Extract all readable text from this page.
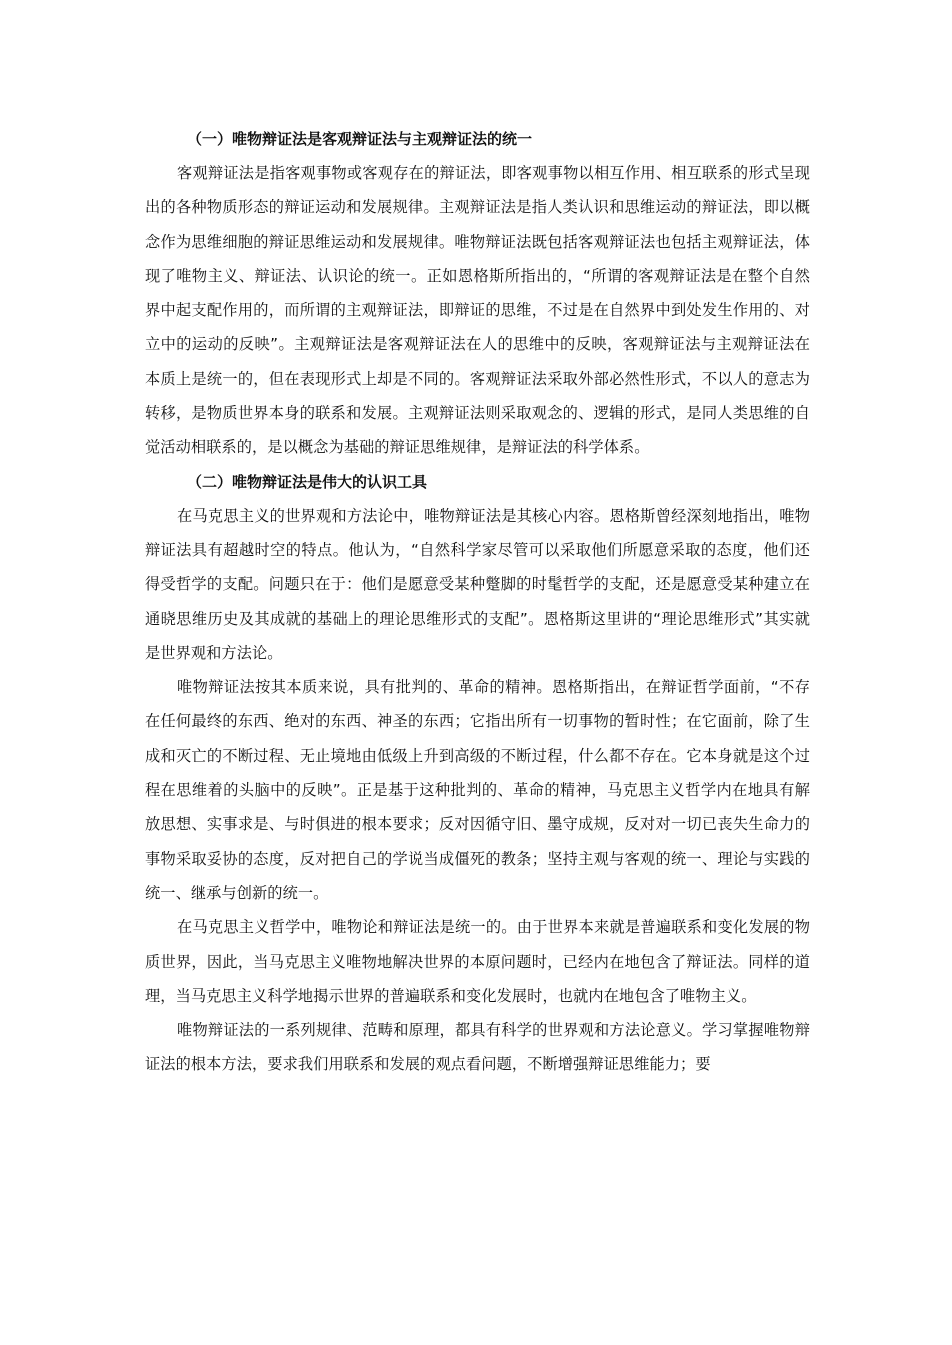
（一）唯物辩证法是客观辩证法与主观辩证法的统一

客观辩证法是指客观事物或客观存在的辩证法，即客观事物以相互作用、相互联系的形式呈现出的各种物质形态的辩证运动和发展规律。主观辩证法是指人类认识和思维运动的辩证法，即以概念作为思维细胞的辩证思维运动和发展规律。唯物辩证法既包括客观辩证法也包括主观辩证法，体现了唯物主义、辩证法、认识论的统一。正如恩格斯所指出的，“所谓的客观辩证法是在整个自然界中起支配作用的，而所谓的主观辩证法，即辩证的思维，不过是在自然界中到处发生作用的、对立中的运动的反映”。主观辩证法是客观辩证法在人的思维中的反映，客观辩证法与主观辩证法在本质上是统一的，但在表现形式上却是不同的。客观辩证法采取外部必然性形式，不以人的意志为转移，是物质世界本身的联系和发展。主观辩证法则采取观念的、逻辑的形式，是同人类思维的自觉活动相联系的，是以概念为基础的辩证思维规律，是辩证法的科学体系。

（二）唯物辩证法是伟大的认识工具

在马克思主义的世界观和方法论中，唯物辩证法是其核心内容。恩格斯曾经深刻地指出，唯物辩证法具有超越时空的特点。他认为，“自然科学家尽管可以采取他们所愿意采取的态度，他们还得受哲学的支配。问题只在于：他们是愿意受某种蹩脚的时髦哲学的支配，还是愿意受某种建立在通晓思维历史及其成就的基础上的理论思维形式的支配”。恩格斯这里讲的“理论思维形式”其实就是世界观和方法论。

唯物辩证法按其本质来说，具有批判的、革命的精神。恩格斯指出，在辩证哲学面前，“不存在任何最终的东西、绝对的东西、神圣的东西；它指出所有一切事物的暂时性；在它面前，除了生成和灭亡的不断过程、无止境地由低级上升到高级的不断过程，什么都不存在。它本身就是这个过程在思维着的头脑中的反映”。正是基于这种批判的、革命的精神，马克思主义哲学内在地具有解放思想、实事求是、与时俱进的根本要求；反对因循守旧、墨守成规，反对对一切已丧失生命力的事物采取妥协的态度，反对把自己的学说当成僵死的教条；坚持主观与客观的统一、理论与实践的统一、继承与创新的统一。

在马克思主义哲学中，唯物论和辩证法是统一的。由于世界本来就是普遍联系和变化发展的物质世界，因此，当马克思主义唯物地解决世界的本原问题时，已经内在地包含了辩证法。同样的道理，当马克思主义科学地揭示世界的普遍联系和变化发展时，也就内在地包含了唯物主义。

唯物辩证法的一系列规律、范畴和原理，都具有科学的世界观和方法论意义。学习掌握唯物辩证法的根本方法，要求我们用联系和发展的观点看问题，不断增强辩证思维能力；要
